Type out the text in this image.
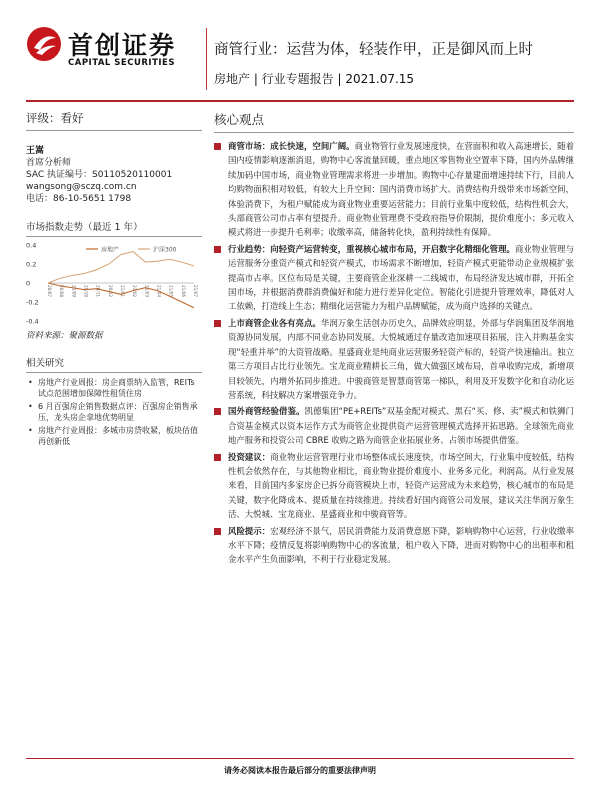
首创证券
CAPITAL SECURITIES
商管行业：运营为体，轻装作甲，正是御风而上时
房地产 | 行业专题报告 | 2021.07.15
评级：看好
王嵩
首席分析师
SAC 执证编号：S0110520110001
wangsong@sczq.com.cn
电话：86-10-5651 1798
市场指数走势（最近 1 年）
0.4
0.2
0
-0.2
-0.4
20/07 20/08 20/09 20/10 20/11 20/12 21/01 21/02 21/03 21/04 21/05 21/06 21/07
房地产	沪深300
资料来源：聚源数据
相关研究
• 房地产行业周报：房企商票纳入监管，REITs 试点范围增加保障性租赁住房
• 6 月百强房企销售数据点评：百强房企销售承压，龙头房企拿地优势明显
• 房地产行业周报：多城市房贷收紧，板块估值再创新低
核心观点
商管市场：成长快速，空间广阔。商业物管行业发展速度快，在营面积和收入高速增长，随着国内疫情影响逐渐消退，购物中心客流量回暖，重点地区零售物业空置率下降，国内外品牌继续加码中国市场，商业物业管理需求将进一步增加。购物中心存量建面增速持续下行，目前人均购物面积相对较低，有较大上升空间：国内消费市场扩大、消费结构升级带来市场新空间，体验消费下，为租户赋能成为商业物业重要运营能力；目前行业集中度较低，结构性机会大，头部商管公司市占率有望提升。商业物业管理费不受政府指导价限制，提价难度小；多元收入模式将进一步提升毛利率；收缴率高，储备转化快，盈利持续性有保障。
行业趋势：向轻资产运营转变，重视核心城市布局，开启数字化精细化管理。商业物业管理与运营服务分重资产模式和轻资产模式，市场需求不断增加，轻资产模式更能带动企业规模扩张提高市占率。区位布局是关键，主要商管企业深耕一二线城市，布局经济发达城市群，开拓全国市场，并根据消费群消费偏好和能力进行差异化定位。智能化引进提升管理效率，降低对人工依赖，打造线上生态；精细化运营能力为租户品牌赋能，成为商户选择的关键点。
上市商管企业各有亮点。华润万象生活创办历史久，品牌效应明显，外部与华润集团及华润地资源协同发展，内部不同业态协同发展。大悦城通过存量改造加速项目拓展，注入并购基金实现“轻重并举”的大资管战略。星盛商业是纯商业运营服务轻资产标的，轻资产快速输出。独立第三方项目占比行业领先。宝龙商业精耕长三角，做大做强区域布局，首单收购完成，新增项目较领先，内增外拓同步推进。中骏商管是智慧商管第一梯队，利用及开发数字化和自动化运营系统，科技解决方案增强竞争力。
国外商管经验借鉴。凯德集团“PE+REITs”双基金配对模式、黑石“买、修、卖”模式和铁狮门合资基金模式以资本运作方式为商管企业提供资产运营管理模式选择开拓思路。全球领先商业地产服务和投资公司 CBRE 收购之路为商管企业拓展业务、占领市场提供借鉴。
投资建议：商业物业运营管理行业市场整体成长速度快，市场空间大，行业集中度较低，结构性机会依然存在，与其他物业相比，商业物业提价难度小、业务多元化，利润高。从行业发展来看，目前国内多家房企已拆分商管模块上市，轻资产运营成为未来趋势，核心城市的布局是关键，数字化降成本、提质量在持续推进。持续看好国内商管公司发展，建议关注华润万象生活、大悦城、宝龙商业、星盛商业和中骏商管等。
风险提示：宏观经济不景气，居民消费能力及消费意愿下降，影响购物中心运营，行业收缴率水平下降；疫情反复将影响购物中心的客流量，租户收入下降，进而对购物中心的出租率和租金水平产生负面影响，不利于行业稳定发展。
请务必阅读本报告最后部分的重要法律声明
